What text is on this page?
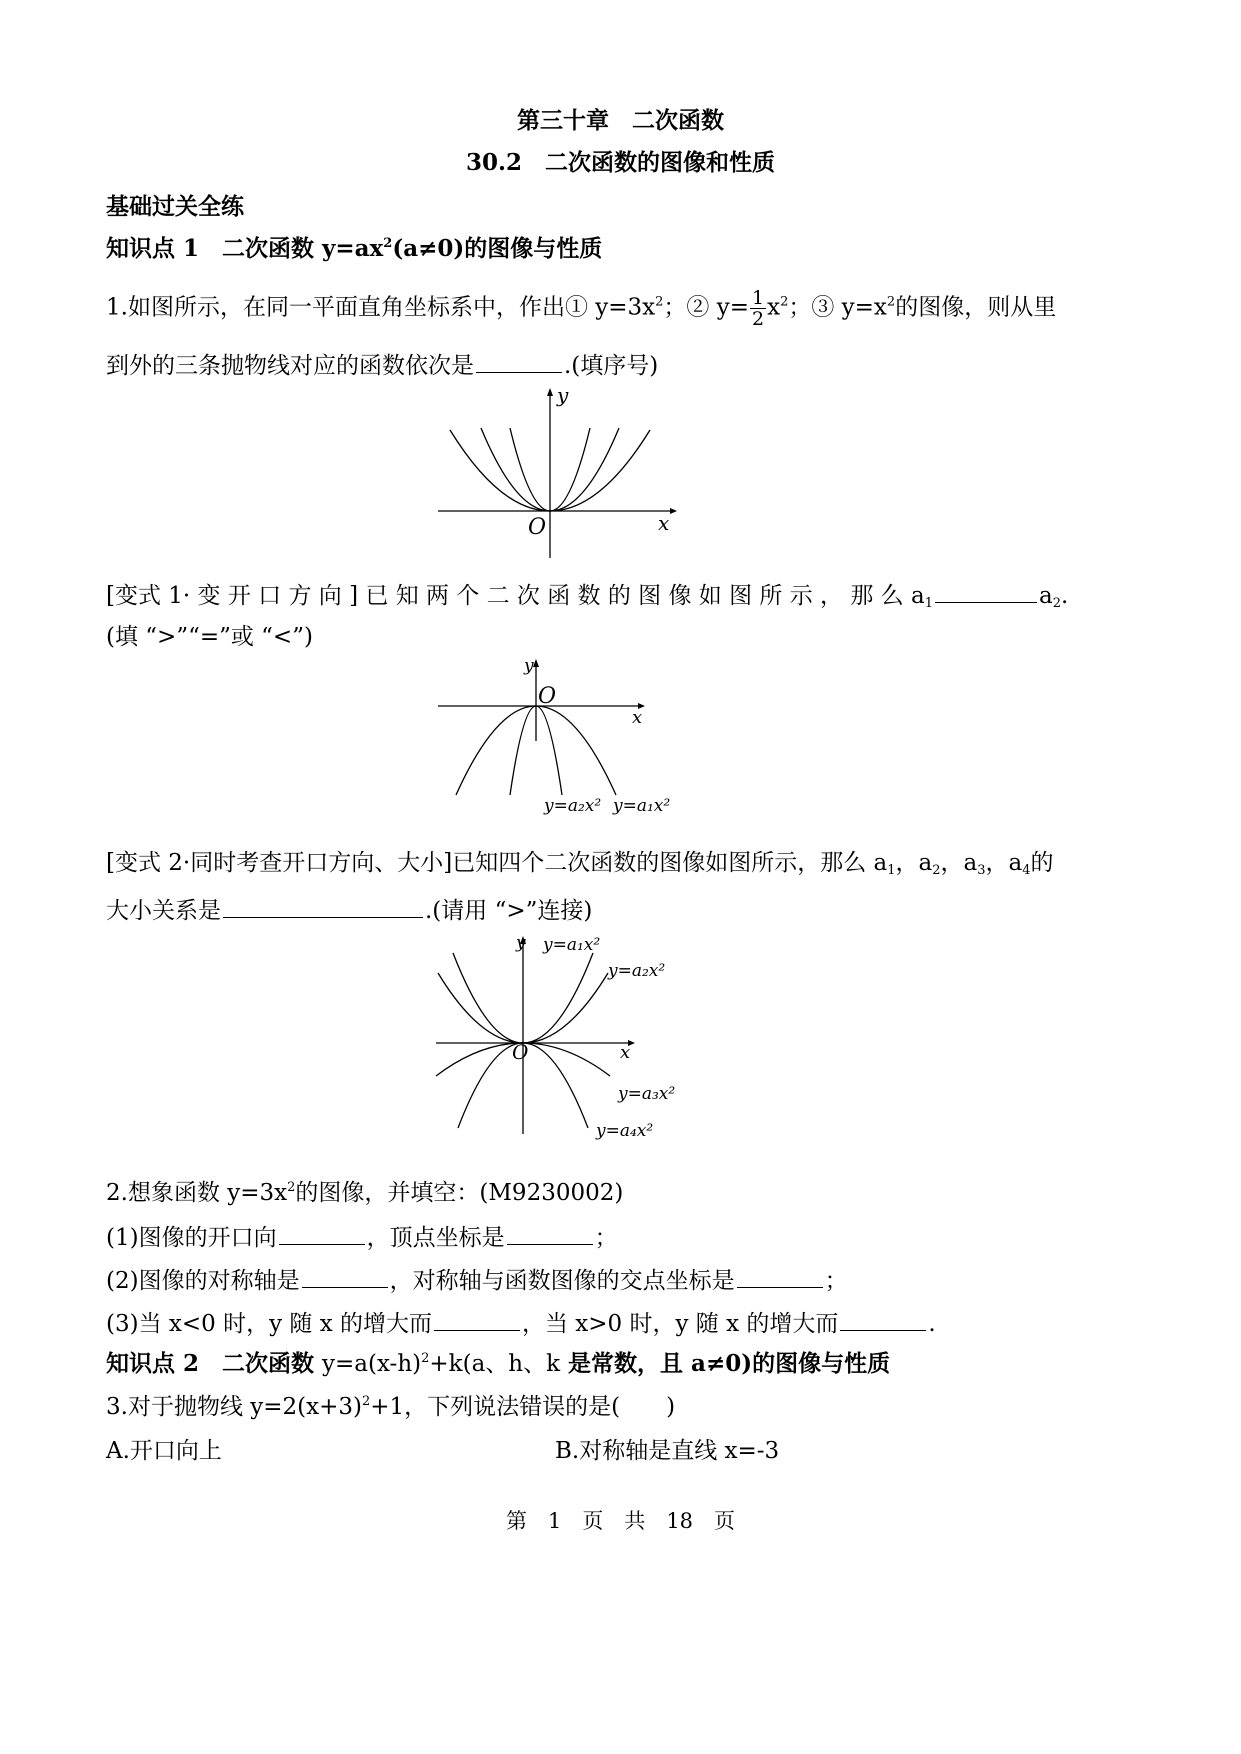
第三十章　二次函数
30.2　二次函数的图像和性质
基础过关全练
知识点 1　二次函数 $y=ax^2(a\ne 0)$的图像与性质
1.如图所示，在同一平面直角坐标系中，作出① $y=3x^2$；② $y= \frac{1}{2} x^2$；③ $y=x^2$的图像，则从里
到外的三条抛物线对应的函数依次是	.(填序号)
y
x
O
[变式 1· 变 开 口 方 向 ] 已 知 两 个 二 次 函 数 的 图 像 如 图 所 示 ， 那 么 $a_1$	$a_2$.
(填 “>”“=”或 “<”)
y
x
O
y=a₂x² y=a₁x²
[变式 2·同时考查开口方向、大小]已知四个二次函数的图像如图所示，那么 $a_1$，$a_2$，$a_3$，$a_4$的
大小关系是	.(请用 “>”连接)
y
x
O
y=a₁x²
y=a₂x²
y=a₃x²
y=a₄x²
2.想象函数 $y=3x^2$的图像，并填空：(M9230002)
(1)图像的开口向	，顶点坐标是	；
(2)图像的对称轴是	，对称轴与函数图像的交点坐标是	；
(3)当 x<0 时，y 随 x 的增大而	，当 x>0 时，y 随 x 的增大而	.
知识点 2　二次函数 $y=a(x-h)^2+k(a$、h、k 是常数，且 a≠0)的图像与性质
3.对于抛物线 $y=2(x+3)^2+1$，下列说法错误的是(　　)
A.开口向上	B.对称轴是直线 x=-3
第　1　页　共　18　页
